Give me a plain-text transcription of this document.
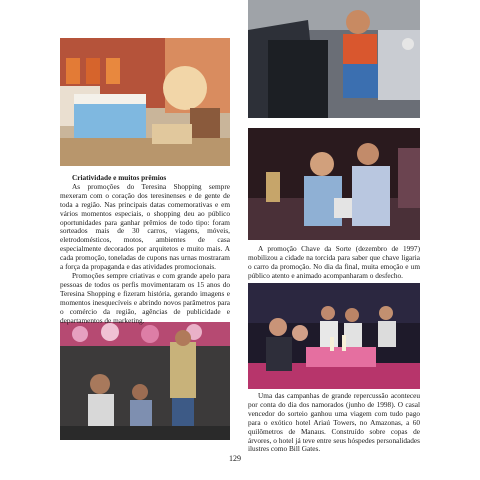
Criatividade e muitos prêmios

As promoções do Teresina Shopping sempre mexeram com o coração dos teresinenses e de gente de toda a região. Nas principais datas comemorativas e em vários momentos especiais, o shopping deu ao público oportunidades para ganhar prêmios de todo tipo: foram sorteados mais de 30 carros, viagens, móveis, eletrodomésticos, motos, ambientes de casa especialmente decorados por arquitetos e muito mais. A cada promoção, toneladas de cupons nas urnas mostraram a força da propaganda e das atividades promocionais.

Promoções sempre criativas e com grande apelo para pessoas de todos os perfis movimentaram os 15 anos do Teresina Shopping e fizeram história, gerando imagens e momentos inesquecíveis e abrindo novos parâmetros para o comércio da região, agências de publicidade e departamentos de marketing.

A promoção Chave da Sorte (dezembro de 1997) mobilizou a cidade na torcida para saber que chave ligaria o carro da promoção. No dia da final, muita emoção e um público atento e animado acompanharam o desfecho.

Uma das campanhas de grande repercussão aconteceu por conta do dia dos namorados (junho de 1998). O casal vencedor do sorteio ganhou uma viagem com tudo pago para o exótico hotel Ariaú Towers, no Amazonas, a 60 quilômetros de Manaus. Construído sobre copas de árvores, o hotel já teve entre seus hóspedes personalidades ilustres como Bill Gates.

129
